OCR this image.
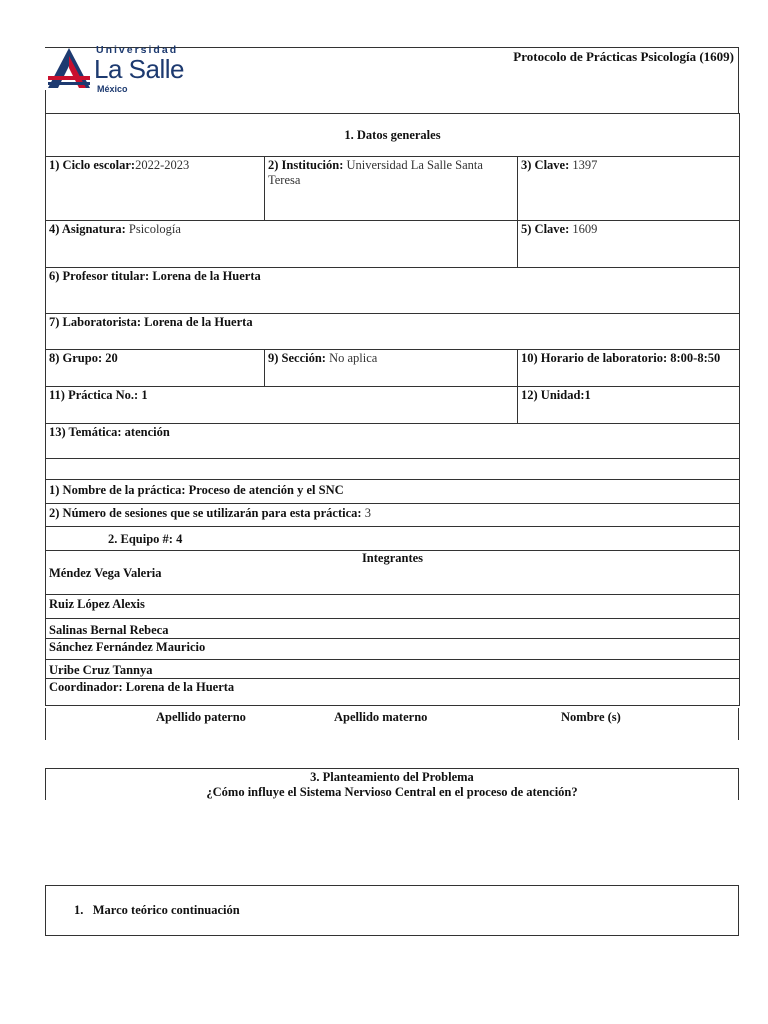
Universidad
La Salle
México
Protocolo de Prácticas Psicología (1609)
1. Datos generales		
1) Ciclo escolar:2022-2023	2) Institución: Universidad La Salle Santa Teresa	3) Clave: 1397
4) Asignatura: Psicología		5) Clave: 1609
6) Profesor titular: Lorena de la Huerta		
7) Laboratorista: Lorena de la Huerta		
8) Grupo: 20	9) Sección: No aplica	10) Horario de laboratorio: 8:00-8:50
11) Práctica No.: 1		12) Unidad:1
13) Temática: atención		

1) Nombre de la práctica: Proceso de atención y el SNC		
2) Número de sesiones que se utilizarán para esta práctica: 3		
2. Equipo #: 4		

Integrantes
Méndez Vega Valeria		

Ruiz López Alexis		
Salinas Bernal Rebeca		
Sánchez Fernández Mauricio		
Uribe Cruz Tannya		
Coordinador: Lorena de la Huerta		
Apellido paterno	Apellido materno	Nombre (s)
3. Planteamiento del Problema
¿Cómo influye el Sistema Nervioso Central en el proceso de atención?
1. Marco teórico continuación
